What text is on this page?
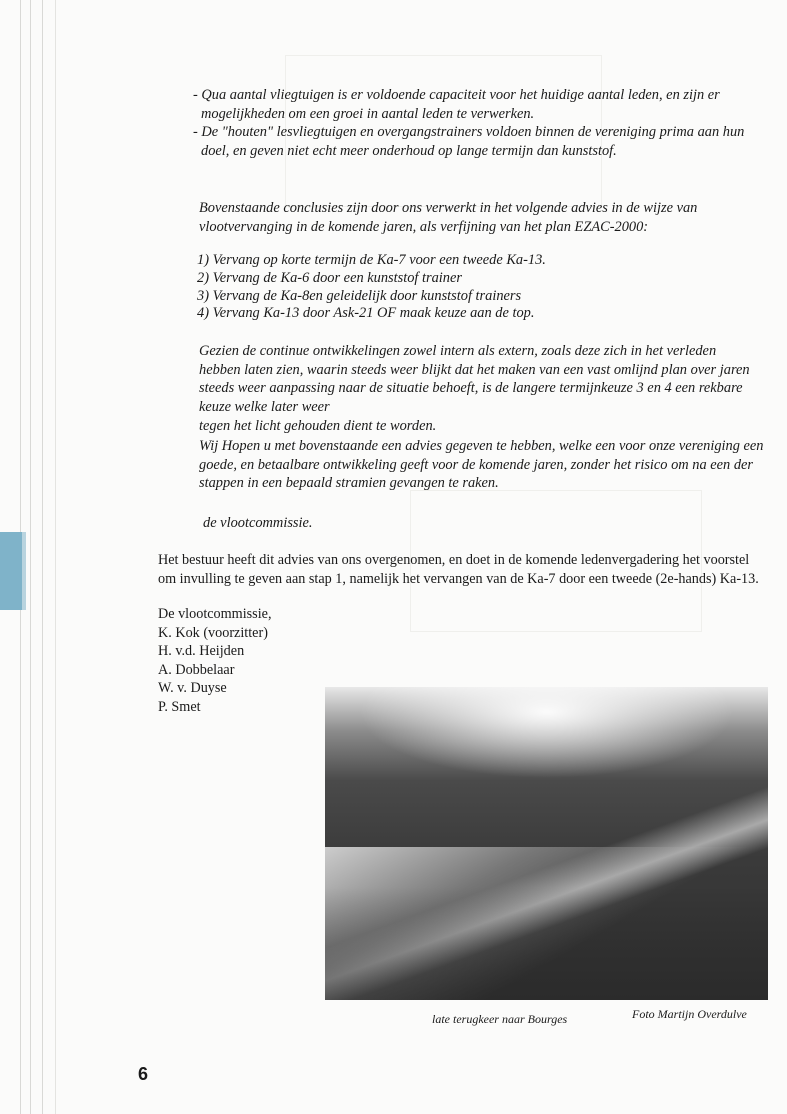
- Qua aantal vliegtuigen is er voldoende capaciteit voor het huidige aantal leden, en zijn er
mogelijkheden om een groei in aantal leden te verwerken.
- De "houten" lesvliegtuigen en overgangstrainers voldoen binnen de vereniging prima aan hun
doel, en geven niet echt meer onderhoud op lange termijn dan kunststof.
Bovenstaande conclusies zijn door ons verwerkt in het volgende advies in de wijze van
vlootvervanging in de komende jaren, als verfijning van het plan EZAC-2000:
1) Vervang op korte termijn de Ka-7 voor een tweede Ka-13.
2) Vervang de Ka-6 door een kunststof trainer
3) Vervang de Ka-8en geleidelijk door kunststof trainers
4) Vervang Ka-13 door Ask-21 OF maak keuze aan de top.
Gezien de continue ontwikkelingen zowel intern als extern, zoals deze zich in het verleden
hebben laten zien, waarin steeds weer blijkt dat het maken van een vast omlijnd plan over jaren
steeds weer aanpassing naar de situatie behoeft, is de langere termijnkeuze 3 en 4 een rekbare
keuze welke later weer
tegen het licht gehouden dient te worden.
Wij Hopen u met bovenstaande een advies gegeven te hebben, welke een voor onze vereniging een
goede, en betaalbare ontwikkeling geeft voor de komende jaren, zonder het risico om na een der
stappen in een bepaald stramien gevangen te raken.
de vlootcommissie.
Het bestuur heeft dit advies van ons overgenomen, en doet in de komende ledenvergadering het voorstel
om invulling te geven aan stap 1, namelijk het vervangen van de Ka-7 door een tweede (2e-hands) Ka-13.
De vlootcommissie,
K. Kok (voorzitter)
H. v.d. Heijden
A. Dobbelaar
W. v. Duyse
P. Smet
late terugkeer naar Bourges	Foto Martijn Overdulve
6
